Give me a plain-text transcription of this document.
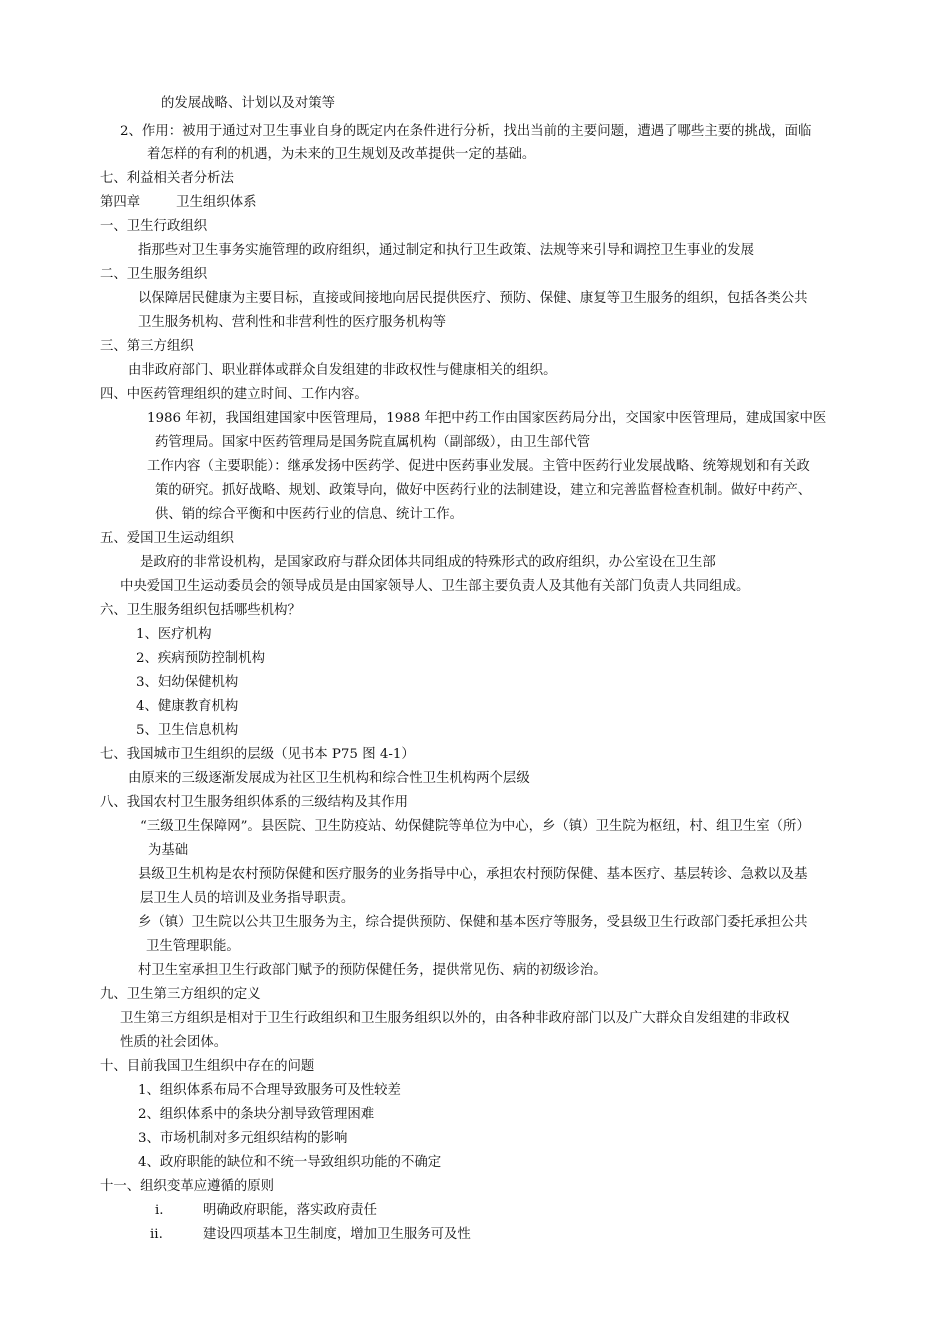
的发展战略、计划以及对策等
2、作用：被用于通过对卫生事业自身的既定内在条件进行分析，找出当前的主要问题，遭遇了哪些主要的挑战，面临
着怎样的有利的机遇，为未来的卫生规划及改革提供一定的基础。
七、利益相关者分析法
第四章	卫生组织体系
一、卫生行政组织
指那些对卫生事务实施管理的政府组织，通过制定和执行卫生政策、法规等来引导和调控卫生事业的发展
二、卫生服务组织
以保障居民健康为主要目标，直接或间接地向居民提供医疗、预防、保健、康复等卫生服务的组织，包括各类公共
卫生服务机构、营利性和非营利性的医疗服务机构等
三、第三方组织
由非政府部门、职业群体或群众自发组建的非政权性与健康相关的组织。
四、中医药管理组织的建立时间、工作内容。
1986 年初，我国组建国家中医管理局，1988 年把中药工作由国家医药局分出，交国家中医管理局，建成国家中医
药管理局。国家中医药管理局是国务院直属机构（副部级），由卫生部代管
工作内容（主要职能）：继承发扬中医药学、促进中医药事业发展。主管中医药行业发展战略、统筹规划和有关政
策的研究。抓好战略、规划、政策导向，做好中医药行业的法制建设，建立和完善监督检查机制。做好中药产、
供、销的综合平衡和中医药行业的信息、统计工作。
五、爱国卫生运动组织
是政府的非常设机构，是国家政府与群众团体共同组成的特殊形式的政府组织，办公室设在卫生部
中央爱国卫生运动委员会的领导成员是由国家领导人、卫生部主要负责人及其他有关部门负责人共同组成。
六、卫生服务组织包括哪些机构？
1、医疗机构
2、疾病预防控制机构
3、妇幼保健机构
4、健康教育机构
5、卫生信息机构
七、我国城市卫生组织的层级（见书本 P75 图 4-1）
由原来的三级逐渐发展成为社区卫生机构和综合性卫生机构两个层级
八、我国农村卫生服务组织体系的三级结构及其作用
“三级卫生保障网”。县医院、卫生防疫站、幼保健院等单位为中心，乡（镇）卫生院为枢纽，村、组卫生室（所）
为基础
县级卫生机构是农村预防保健和医疗服务的业务指导中心，承担农村预防保健、基本医疗、基层转诊、急救以及基
层卫生人员的培训及业务指导职责。
乡（镇）卫生院以公共卫生服务为主，综合提供预防、保健和基本医疗等服务，受县级卫生行政部门委托承担公共
卫生管理职能。
村卫生室承担卫生行政部门赋予的预防保健任务，提供常见伤、病的初级诊治。
九、卫生第三方组织的定义
卫生第三方组织是相对于卫生行政组织和卫生服务组织以外的，由各种非政府部门以及广大群众自发组建的非政权
性质的社会团体。
十、目前我国卫生组织中存在的问题
1、组织体系布局不合理导致服务可及性较差
2、组织体系中的条块分割导致管理困难
3、市场机制对多元组织结构的影响
4、政府职能的缺位和不统一导致组织功能的不确定
十一、组织变革应遵循的原则
i.	明确政府职能，落实政府责任
ii.	建设四项基本卫生制度，增加卫生服务可及性
